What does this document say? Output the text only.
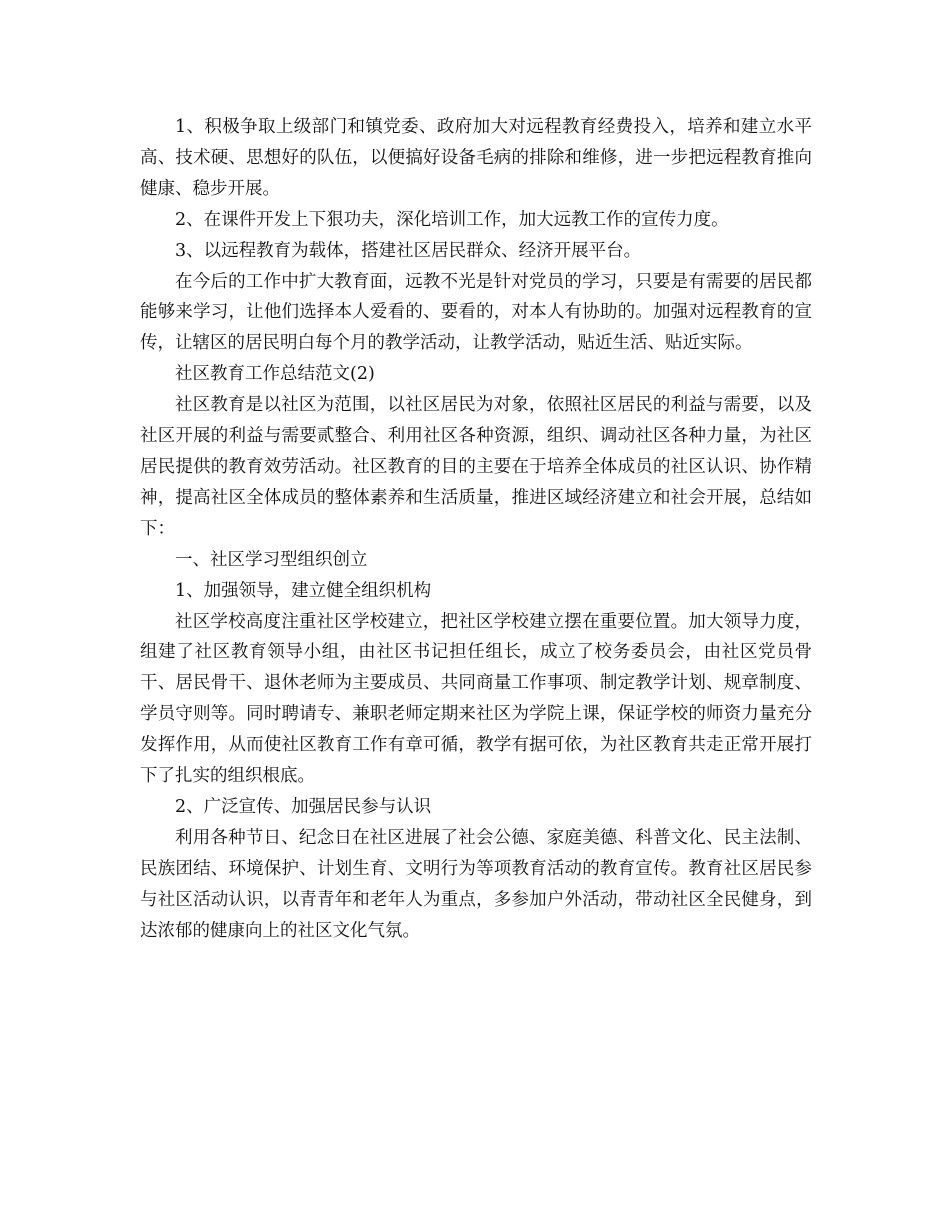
1、积极争取上级部门和镇党委、政府加大对远程教育经费投入，培养和建立水平高、技术硬、思想好的队伍，以便搞好设备毛病的排除和维修，进一步把远程教育推向健康、稳步开展。

2、在课件开发上下狠功夫，深化培训工作，加大远教工作的宣传力度。

3、以远程教育为载体，搭建社区居民群众、经济开展平台。

在今后的工作中扩大教育面，远教不光是针对党员的学习，只要是有需要的居民都能够来学习，让他们选择本人爱看的、要看的，对本人有协助的。加强对远程教育的宣传，让辖区的居民明白每个月的教学活动，让教学活动，贴近生活、贴近实际。

社区教育工作总结范文(2)

社区教育是以社区为范围，以社区居民为对象，依照社区居民的利益与需要，以及社区开展的利益与需要贰整合、利用社区各种资源，组织、调动社区各种力量，为社区居民提供的教育效劳活动。社区教育的目的主要在于培养全体成员的社区认识、协作精神，提高社区全体成员的整体素养和生活质量，推进区域经济建立和社会开展，总结如下：

一、社区学习型组织创立

1、加强领导，建立健全组织机构

社区学校高度注重社区学校建立，把社区学校建立摆在重要位置。加大领导力度，组建了社区教育领导小组，由社区书记担任组长，成立了校务委员会，由社区党员骨干、居民骨干、退休老师为主要成员、共同商量工作事项、制定教学计划、规章制度、学员守则等。同时聘请专、兼职老师定期来社区为学院上课，保证学校的师资力量充分发挥作用，从而使社区教育工作有章可循，教学有据可依，为社区教育共走正常开展打下了扎实的组织根底。

2、广泛宣传、加强居民参与认识

利用各种节日、纪念日在社区进展了社会公德、家庭美德、科普文化、民主法制、民族团结、环境保护、计划生育、文明行为等项教育活动的教育宣传。教育社区居民参与社区活动认识，以青青年和老年人为重点，多参加户外活动，带动社区全民健身，到达浓郁的健康向上的社区文化气氛。
